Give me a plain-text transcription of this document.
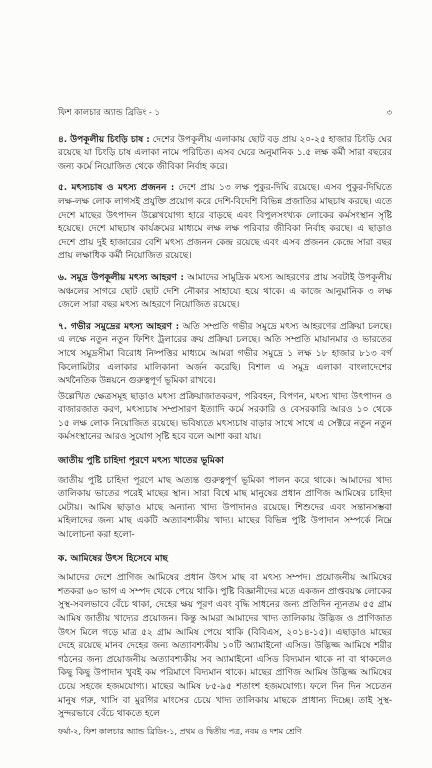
ফিশ কালচার অ্যান্ড ব্রিডিং - ১	৩

৪. উপকূলীয় চিংড়ি চাষ : দেশের উপকূলীয় এলাকায় ছোট বড় প্রায় ২০-২৫ হাজার চিংড়ি ঘের রয়েছে যা চিংড়ি চাষ এলাকা নামে পরিচিত। এসব ঘেরে অনুমানিক ১.৫ লক্ষ কর্মী সারা বছরের জন্য কর্মে নিয়োজিত থেকে জীবিকা নির্বাহ করে।

৫. মৎস্যচাষ ও মৎস্য প্রজনন : দেশে প্রায় ১৩ লক্ষ পুকুর-দিঘি রয়েছে। এসব পুকুর-দিঘিতে লক্ষ-লক্ষ লোক লাগসই প্রযুক্তি প্রয়োগ করে দেশি-বিদেশি বিভিন্ন প্রজাতির মাছচাষ করছে। এতে দেশে মাছের উৎপাদন উল্লেখযোগ্য হারে বাড়ছে এবং বিপুলসংখ্যক লোকের কর্মসংস্থান সৃষ্টি হয়েছে। দেশে মাছচাষ কার্যক্রমের মাধ্যমে লক্ষ লক্ষ পরিবার জীবিকা নির্বাহ করছে। এ ছাড়াও দেশে প্রায় দুই হাজারের বেশি মৎস্য প্রজনন কেন্দ্র রয়েছে এবং এসব প্রজনন কেন্দ্রে সারা বছর প্রায় লক্ষাধিক কর্মী নিয়োজিত রয়েছে।

৬. সমুদ্র উপকূলীয় মৎস্য আহরণ : আমাদের সামুদ্রিক মৎস্য আহরণের প্রায় সবটাই উপকূলীয় অঞ্চলের সাগরে ছোট ছোট দেশি নৌকার সাহায্যে হয়ে থাকে। এ কাজে আনুমানিক ৩ লক্ষ জেলে সারা বছর মৎস্য আহরণে নিয়োজিত রয়েছে।

৭. গভীর সমুদ্রের মৎস্য আহরণ : অতি সম্প্রতি গভীর সমুদ্রে মৎস্য আহরণের প্রক্রিয়া চলছে। এ লক্ষে নতুন নতুন ফিশিং ট্রলারের ক্রয় প্রক্রিয়া চলছে। অতি সম্প্রতি মায়ানমার ও ভারতের সাথে সমুদ্রসীমা বিরোধ নিষ্পত্তির মাধ্যমে আমরা গভীর সমুদ্রে ১ লক্ষ ১৮ হাজার ৮১৩ বর্গ কিলোমিটার এলাকার মালিকানা অর্জন করেছি। বিশাল এ সমুদ্র এলাকা বাংলাদেশের অর্থনৈতিক উন্নয়নে গুরুত্বপূর্ণ ভূমিকা রাখবে।

উল্লেখিত ক্ষেত্রসমূহ ছাড়াও মৎস্য প্রক্রিয়াজাতকরণ, পরিবহন, বিপণন, মৎস্য খাদ্য উৎপাদন ও বাজারজাত করণ, মৎস্যচাষ সম্প্রসারণ ইত্যাদি কর্মে সরকারি ও বেসরকারি আরও ১০ থেকে ১৫ লক্ষ লোক নিয়োজিত রয়েছে। ভবিষ্যতে মৎস্যচাষ বাড়ার সাথে সাথে এ সেক্টরে নতুন নতুন কর্মসংস্থানের আরও সুযোগ সৃষ্টি হবে বলে আশা করা যায়।

জাতীয় পুষ্টি চাহিদা পূরণে মৎস্য খাতের ভূমিকা

জাতীয় পুষ্টি চাহিদা পূরণে মাছ অত্যন্ত গুরুত্বপূর্ণ ভূমিকা পালন করে থাকে। আমাদের খাদ্য তালিকায় ভাতের পরেই মাছের স্থান। সারা বিশ্বে মাছ মানুষের প্রধান প্রাণিজ আমিষের চাহিদা মেটায়। আমিষ ছাড়াও মাছে অন্যান্য খাদ্য উপাদানও রয়েছে। শিশুদের এবং সন্তানসম্ভবা মহিলাদের জন্য মাছ একটি অত্যাবশ্যকীয় খাদ্য। মাছের বিভিন্ন পুষ্টি উপাদান সম্পর্কে নিম্নে আলোচনা করা হলো-

ক. আমিষের উৎস হিসেবে মাছ

আমাদের দেশে প্রাণিজ আমিষের প্রধান উৎস মাছ বা মৎস্য সম্পদ। প্রয়োজনীয় আমিষের শতকরা ৬০ ভাগ এ সম্পদ থেকে পেয়ে থাকি। পুষ্টি বিজ্ঞানীদের মতে একজন প্রাপ্তবয়স্ক লোকের সুস্থ-সবলভাবে বেঁচে থাকা, দেহের ক্ষয় পূরণ এবং বৃদ্ধি সাধনের জন্য প্রতিদিন ন্যূনতম ৫৫ গ্রাম আমিষ জাতীয় খাদ্যের প্রয়োজন। কিন্তু আমরা আমাদের খাদ্য তালিকায় উদ্ভিজ ও প্রাণিজাত উৎস মিলে গড়ে মাত্র ৫২ গ্রাম আমিষ পেয়ে থাকি (বিবিএস, ২০১৪-১৫)। এছাড়াও মাছের দেহে রয়েছে মানব দেহের জন্য অত্যাবশ্যকীয় ১০টি অ্যামাইনো এসিড। উদ্ভিজ্জ আমিষে শরীর গঠনের জন্য প্রয়োজনীয় অত্যাবশ্যকীয় সব অ্যামাইনো এসিড বিদ্যমান থাকে না বা থাকলেও কিছু কিছু উপাদান খুবই কম পরিমাণে বিদ্যমান থাকে। মাছের প্রাণিজ আমিষ উদ্ভিজ্জ আমিষের চেয়ে সহজে হজমযোগ্য। মাছের আমিষ ৮৫-৯৫ শতাংশ হজমযোগ্য। ফলে দিন দিন সচেতন মানুষ গরু, খাসি বা মুরগির মাংসের চেয়ে খাদ্য তালিকায় মাছকে প্রাধান্য দিচ্ছে। তাই সুস্থ-সুন্দরভাবে বেঁচে থাকতে হলে

ফর্মা-২, ফিশ কালচার অ্যান্ড ব্রিডিং-১, প্রথম ও দ্বিতীয় পত্র, নবম ও দশম শ্রেণি
